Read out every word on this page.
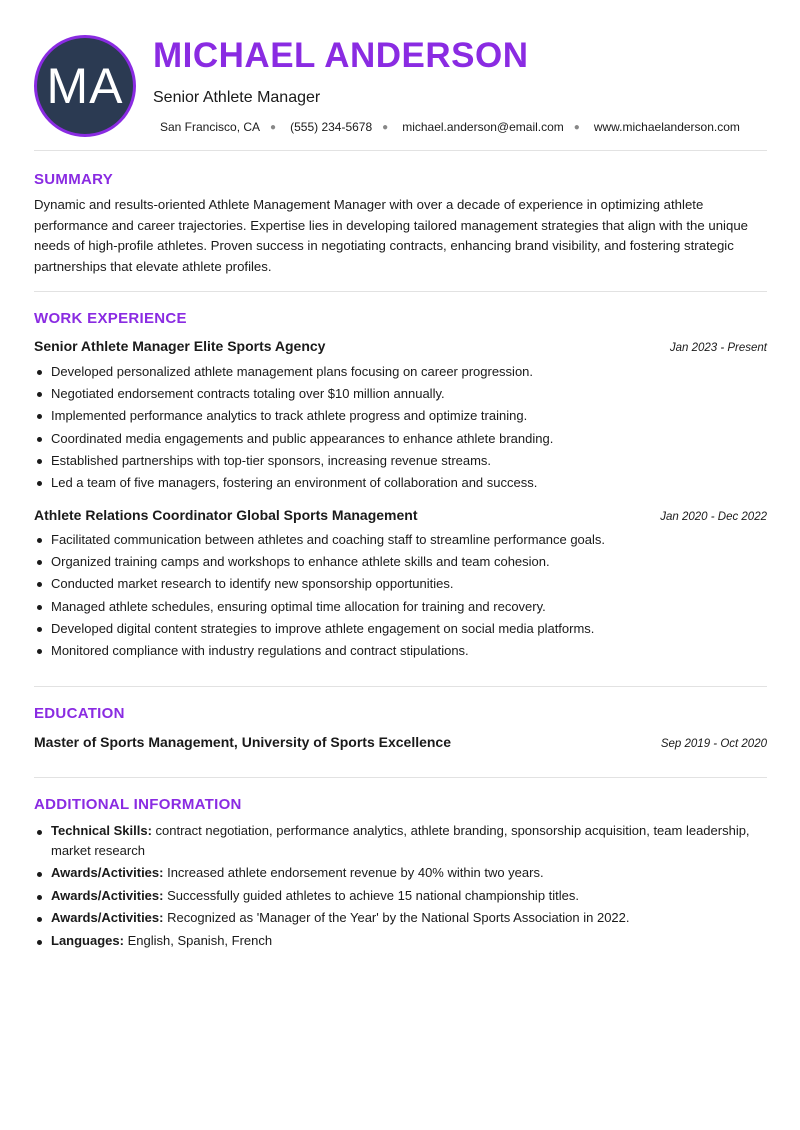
MA
MICHAEL ANDERSON
Senior Athlete Manager
San Francisco, CA ● (555) 234-5678 ● michael.anderson@email.com ● www.michaelanderson.com
SUMMARY

Dynamic and results-oriented Athlete Management Manager with over a decade of experience in optimizing athlete performance and career trajectories. Expertise lies in developing tailored management strategies that align with the unique needs of high-profile athletes. Proven success in negotiating contracts, enhancing brand visibility, and fostering strategic partnerships that elevate athlete profiles.

WORK EXPERIENCE
Senior Athlete Manager Elite Sports Agency	Jan 2023 - Present
Developed personalized athlete management plans focusing on career progression.
Negotiated endorsement contracts totaling over $10 million annually.
Implemented performance analytics to track athlete progress and optimize training.
Coordinated media engagements and public appearances to enhance athlete branding.
Established partnerships with top-tier sponsors, increasing revenue streams.
Led a team of five managers, fostering an environment of collaboration and success.
Athlete Relations Coordinator Global Sports Management	Jan 2020 - Dec 2022
Facilitated communication between athletes and coaching staff to streamline performance goals.
Organized training camps and workshops to enhance athlete skills and team cohesion.
Conducted market research to identify new sponsorship opportunities.
Managed athlete schedules, ensuring optimal time allocation for training and recovery.
Developed digital content strategies to improve athlete engagement on social media platforms.
Monitored compliance with industry regulations and contract stipulations.
EDUCATION
Master of Sports Management, University of Sports Excellence	Sep 2019 - Oct 2020
ADDITIONAL INFORMATION
Technical Skills: contract negotiation, performance analytics, athlete branding, sponsorship acquisition, team leadership, market research
Awards/Activities: Increased athlete endorsement revenue by 40% within two years.
Awards/Activities: Successfully guided athletes to achieve 15 national championship titles.
Awards/Activities: Recognized as 'Manager of the Year' by the National Sports Association in 2022.
Languages: English, Spanish, French
